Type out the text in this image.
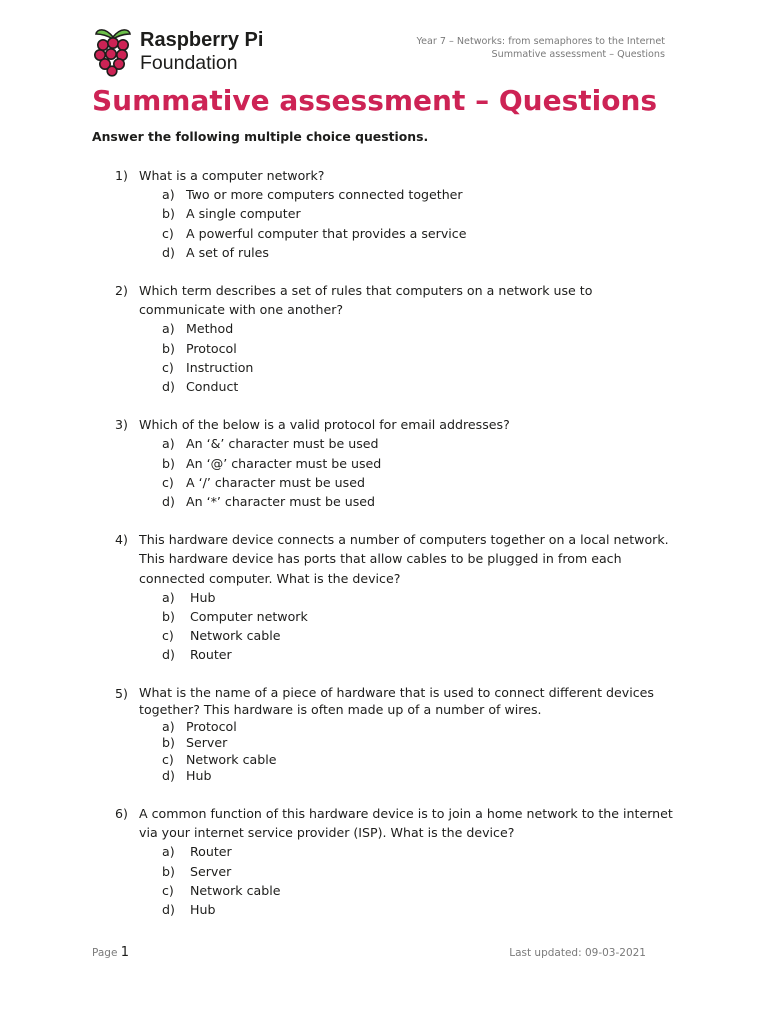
Raspberry Pi
Foundation
Year 7 – Networks: from semaphores to the Internet
Summative assessment – Questions
Summative assessment – Questions

Answer the following multiple choice questions.

1) What is a computer network?
a) Two or more computers connected together
b) A single computer
c) A powerful computer that provides a service
d) A set of rules
2) Which term describes a set of rules that computers on a network use to communicate with one another?
a) Method
b) Protocol
c) Instruction
d) Conduct
3) Which of the below is a valid protocol for email addresses?
a) An ‘&’ character must be used
b) An ‘@’ character must be used
c) A ‘/’ character must be used
d) An ‘*’ character must be used
4) This hardware device connects a number of computers together on a local network. This hardware device has ports that allow cables to be plugged in from each connected computer. What is the device?
a)	Hub
b)	Computer network
c)	Network cable
d)	Router
5) What is the name of a piece of hardware that is used to connect different devices together? This hardware is often made up of a number of wires.
a) Protocol
b) Server
c) Network cable
d) Hub
6) A common function of this hardware device is to join a home network to the internet via your internet service provider (ISP). What is the device?
a)	Router
b)	Server
c)	Network cable
d)	Hub
Page 1	Last updated: 09-03-2021
